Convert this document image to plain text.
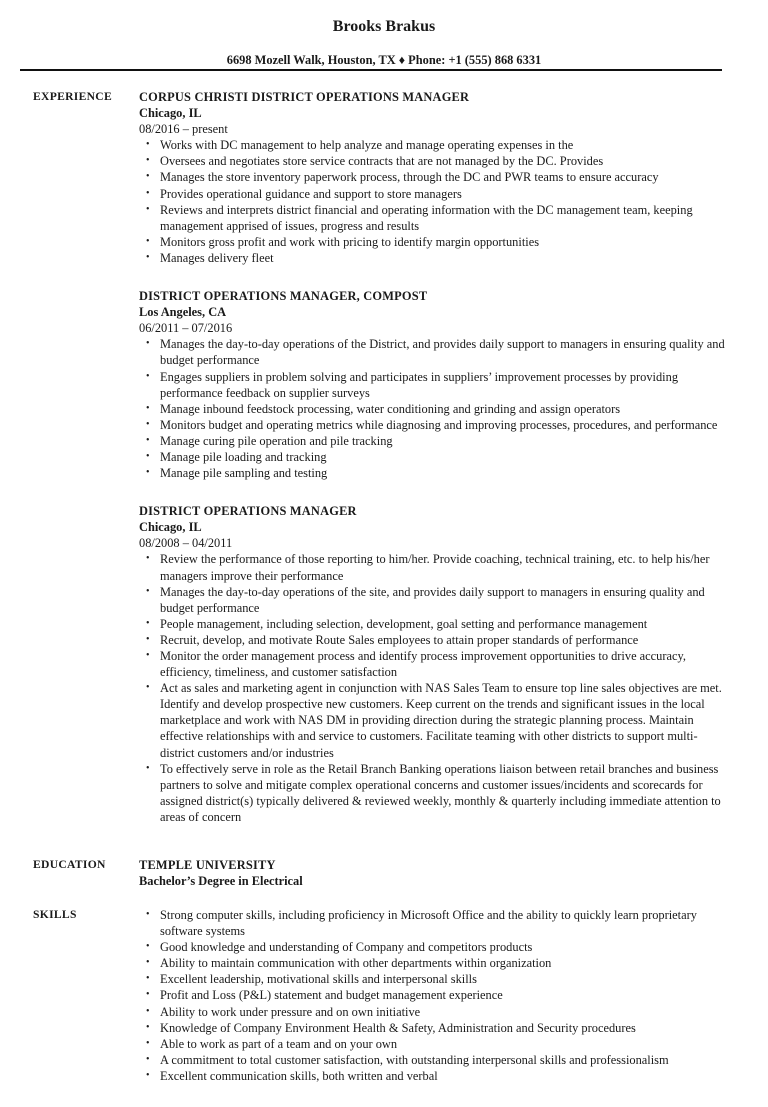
Brooks Brakus
6698 Mozell Walk, Houston, TX ♦ Phone: +1 (555) 868 6331
EXPERIENCE CORPUS CHRISTI DISTRICT OPERATIONS MANAGER
Chicago, IL
08/2016 – present
• Works with DC management to help analyze and manage operating expenses in the
• Oversees and negotiates store service contracts that are not managed by the DC. Provides
• Manages the store inventory paperwork process, through the DC and PWR teams to ensure accuracy
• Provides operational guidance and support to store managers
• Reviews and interprets district financial and operating information with the DC management team, keeping management apprised of issues, progress and results
• Monitors gross profit and work with pricing to identify margin opportunities
• Manages delivery fleet
DISTRICT OPERATIONS MANAGER, COMPOST
Los Angeles, CA
06/2011 – 07/2016
• Manages the day-to-day operations of the District, and provides daily support to managers in ensuring quality and budget performance
• Engages suppliers in problem solving and participates in suppliers’ improvement processes by providing performance feedback on supplier surveys
• Manage inbound feedstock processing, water conditioning and grinding and assign operators
• Monitors budget and operating metrics while diagnosing and improving processes, procedures, and performance
• Manage curing pile operation and pile tracking
• Manage pile loading and tracking
• Manage pile sampling and testing
DISTRICT OPERATIONS MANAGER
Chicago, IL
08/2008 – 04/2011
• Review the performance of those reporting to him/her. Provide coaching, technical training, etc. to help his/her managers improve their performance
• Manages the day-to-day operations of the site, and provides daily support to managers in ensuring quality and budget performance
• People management, including selection, development, goal setting and performance management
• Recruit, develop, and motivate Route Sales employees to attain proper standards of performance
• Monitor the order management process and identify process improvement opportunities to drive accuracy, efficiency, timeliness, and customer satisfaction
• Act as sales and marketing agent in conjunction with NAS Sales Team to ensure top line sales objectives are met. Identify and develop prospective new customers. Keep current on the trends and significant issues in the local marketplace and work with NAS DM in providing direction during the strategic planning process. Maintain effective relationships with and service to customers. Facilitate teaming with other districts to support multi-district customers and/or industries
• To effectively serve in role as the Retail Branch Banking operations liaison between retail branches and business partners to solve and mitigate complex operational concerns and customer issues/incidents and scorecards for assigned district(s) typically delivered & reviewed weekly, monthly & quarterly including immediate attention to areas of concern
EDUCATION	TEMPLE UNIVERSITY
Bachelor’s Degree in Electrical
SKILLS	• Strong computer skills, including proficiency in Microsoft Office and the ability to quickly learn proprietary software systems
• Good knowledge and understanding of Company and competitors products
• Ability to maintain communication with other departments within organization
• Excellent leadership, motivational skills and interpersonal skills
• Profit and Loss (P&L) statement and budget management experience
• Ability to work under pressure and on own initiative
• Knowledge of Company Environment Health & Safety, Administration and Security procedures
• Able to work as part of a team and on your own
• A commitment to total customer satisfaction, with outstanding interpersonal skills and professionalism
• Excellent communication skills, both written and verbal
